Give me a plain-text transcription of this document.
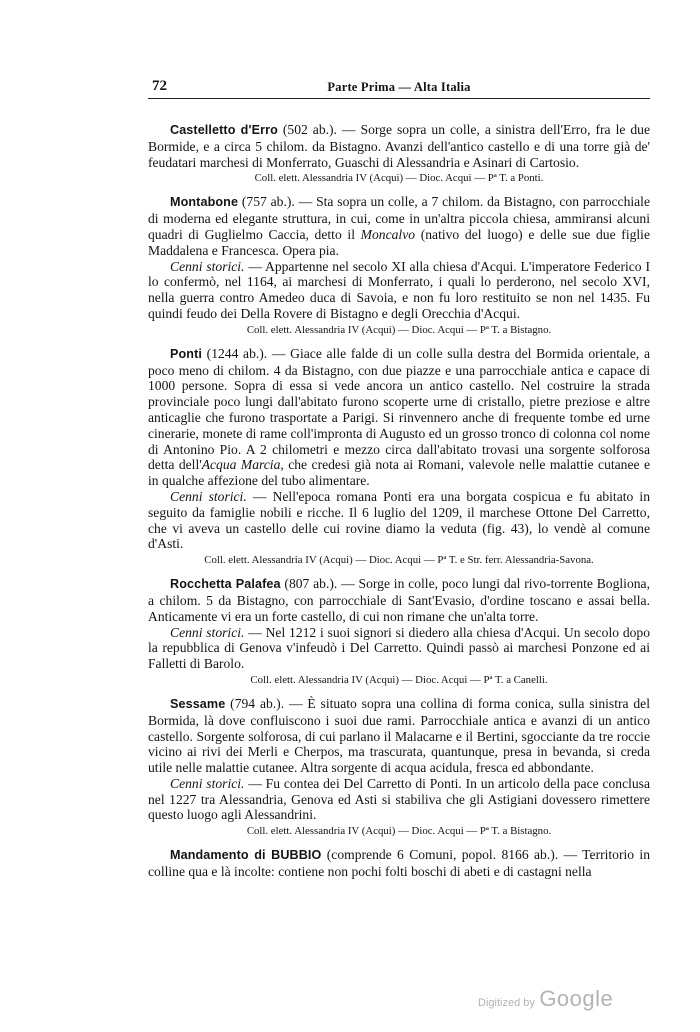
72	Parte Prima — Alta Italia

Castelletto d'Erro (502 ab.). — Sorge sopra un colle, a sinistra dell'Erro, fra le due Bormide, e a circa 5 chilom. da Bistagno. Avanzi dell'antico castello e di una torre già de' feudatari marchesi di Monferrato, Guaschi di Alessandria e Asinari di Cartosio.

Coll. elett. Alessandria IV (Acqui) — Dioc. Acqui — Pª T. a Ponti.

Montabone (757 ab.). — Sta sopra un colle, a 7 chilom. da Bistagno, con parrocchiale di moderna ed elegante struttura, in cui, come in un'altra piccola chiesa, ammiransi alcuni quadri di Guglielmo Caccia, detto il Moncalvo (nativo del luogo) e delle sue due figlie Maddalena e Francesca. Opera pia.

Cenni storici. — Appartenne nel secolo XI alla chiesa d'Acqui. L'imperatore Federico I lo confermò, nel 1164, ai marchesi di Monferrato, i quali lo perderono, nel secolo XVI, nella guerra contro Amedeo duca di Savoia, e non fu loro restituito se non nel 1435. Fu quindi feudo dei Della Rovere di Bistagno e degli Orecchia d'Acqui.

Coll. elett. Alessandria IV (Acqui) — Dioc. Acqui — Pª T. a Bistagno.

Ponti (1244 ab.). — Giace alle falde di un colle sulla destra del Bormida orientale, a poco meno di chilom. 4 da Bistagno, con due piazze e una parrocchiale antica e capace di 1000 persone. Sopra di essa si vede ancora un antico castello. Nel costruire la strada provinciale poco lungi dall'abitato furono scoperte urne di cristallo, pietre preziose e altre anticaglie che furono trasportate a Parigi. Si rinvennero anche di frequente tombe ed urne cinerarie, monete di rame coll'impronta di Augusto ed un grosso tronco di colonna col nome di Antonino Pio. A 2 chilometri e mezzo circa dall'abitato trovasi una sorgente solforosa detta dell'Acqua Marcia, che credesi già nota ai Romani, valevole nelle malattie cutanee e in qualche affezione del tubo alimentare.

Cenni storici. — Nell'epoca romana Ponti era una borgata cospicua e fu abitato in seguito da famiglie nobili e ricche. Il 6 luglio del 1209, il marchese Ottone Del Carretto, che vi aveva un castello delle cui rovine diamo la veduta (fig. 43), lo vendè al comune d'Asti.

Coll. elett. Alessandria IV (Acqui) — Dioc. Acqui — Pª T. e Str. ferr. Alessandria-Savona.

Rocchetta Palafea (807 ab.). — Sorge in colle, poco lungi dal rivo-torrente Bogliona, a chilom. 5 da Bistagno, con parrocchiale di Sant'Evasio, d'ordine toscano e assai bella. Anticamente vi era un forte castello, di cui non rimane che un'alta torre.

Cenni storici. — Nel 1212 i suoi signori si diedero alla chiesa d'Acqui. Un secolo dopo la repubblica di Genova v'infeudò i Del Carretto. Quindi passò ai marchesi Ponzone ed ai Falletti di Barolo.

Coll. elett. Alessandria IV (Acqui) — Dioc. Acqui — Pª T. a Canelli.

Sessame (794 ab.). — È situato sopra una collina di forma conica, sulla sinistra del Bormida, là dove confluiscono i suoi due rami. Parrocchiale antica e avanzi di un antico castello. Sorgente solforosa, di cui parlano il Malacarne e il Bertini, sgocciante da tre roccie vicino ai rivi dei Merli e Cherpos, ma trascurata, quantunque, presa in bevanda, si creda utile nelle malattie cutanee. Altra sorgente di acqua acidula, fresca ed abbondante.

Cenni storici. — Fu contea dei Del Carretto di Ponti. In un articolo della pace conclusa nel 1227 tra Alessandria, Genova ed Asti si stabiliva che gli Astigiani dovessero rimettere questo luogo agli Alessandrini.

Coll. elett. Alessandria IV (Acqui) — Dioc. Acqui — Pª T. a Bistagno.

Mandamento di BUBBIO (comprende 6 Comuni, popol. 8166 ab.). — Territorio in colline qua e là incolte: contiene non pochi folti boschi di abeti e di castagni nella

Digitized by Google
